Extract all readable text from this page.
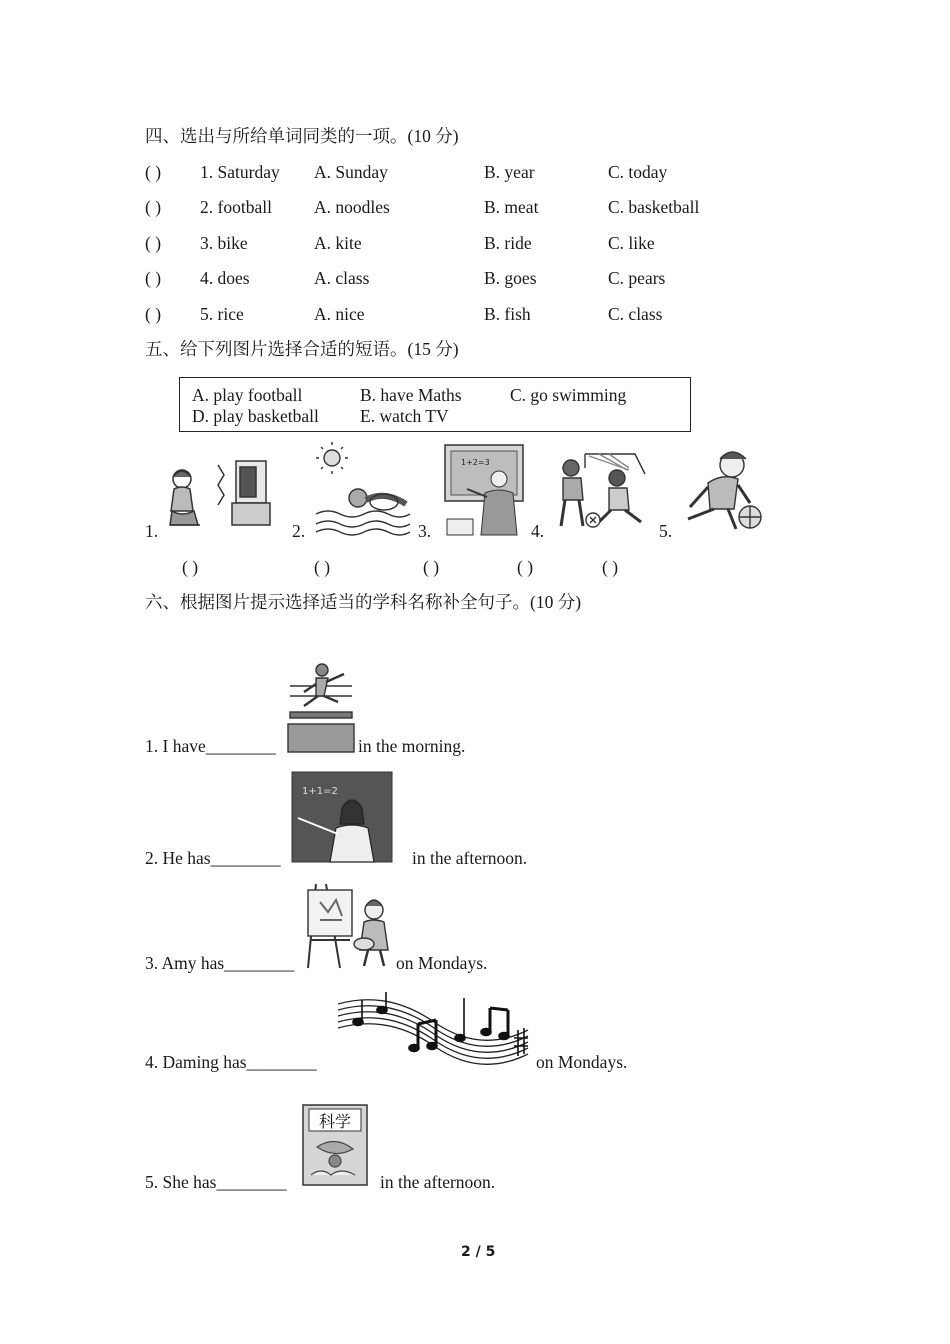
四、选出与所给单词同类的一项。(10 分)
( ) 1. Saturday A. Sunday	B. year	C. today
( ) 2. football A. noodles	B. meat	C. basketball
( ) 3. bike	A. kite	B. ride	C. like
( ) 4. does	A. class	B. goes	C. pears
( ) 5. rice	A. nice	B. fish	C. class
五、给下列图片选择合适的短语。(15 分)
A. play football	B. have Maths	C. go swimming
D. play basketball E. watch TV
1.	2.	3.	4.	5.
1+2=3
( )	( )	( )	( )	( )
六、根据图片提示选择适当的学科名称补全句子。(10 分)
1. I have________	in the morning.
2. He has________
1+1=2
in the afternoon.
3. Amy has________	on Mondays.
4. Daming has________	on Mondays.
5. She has________
科学
in the afternoon.
2 / 5
